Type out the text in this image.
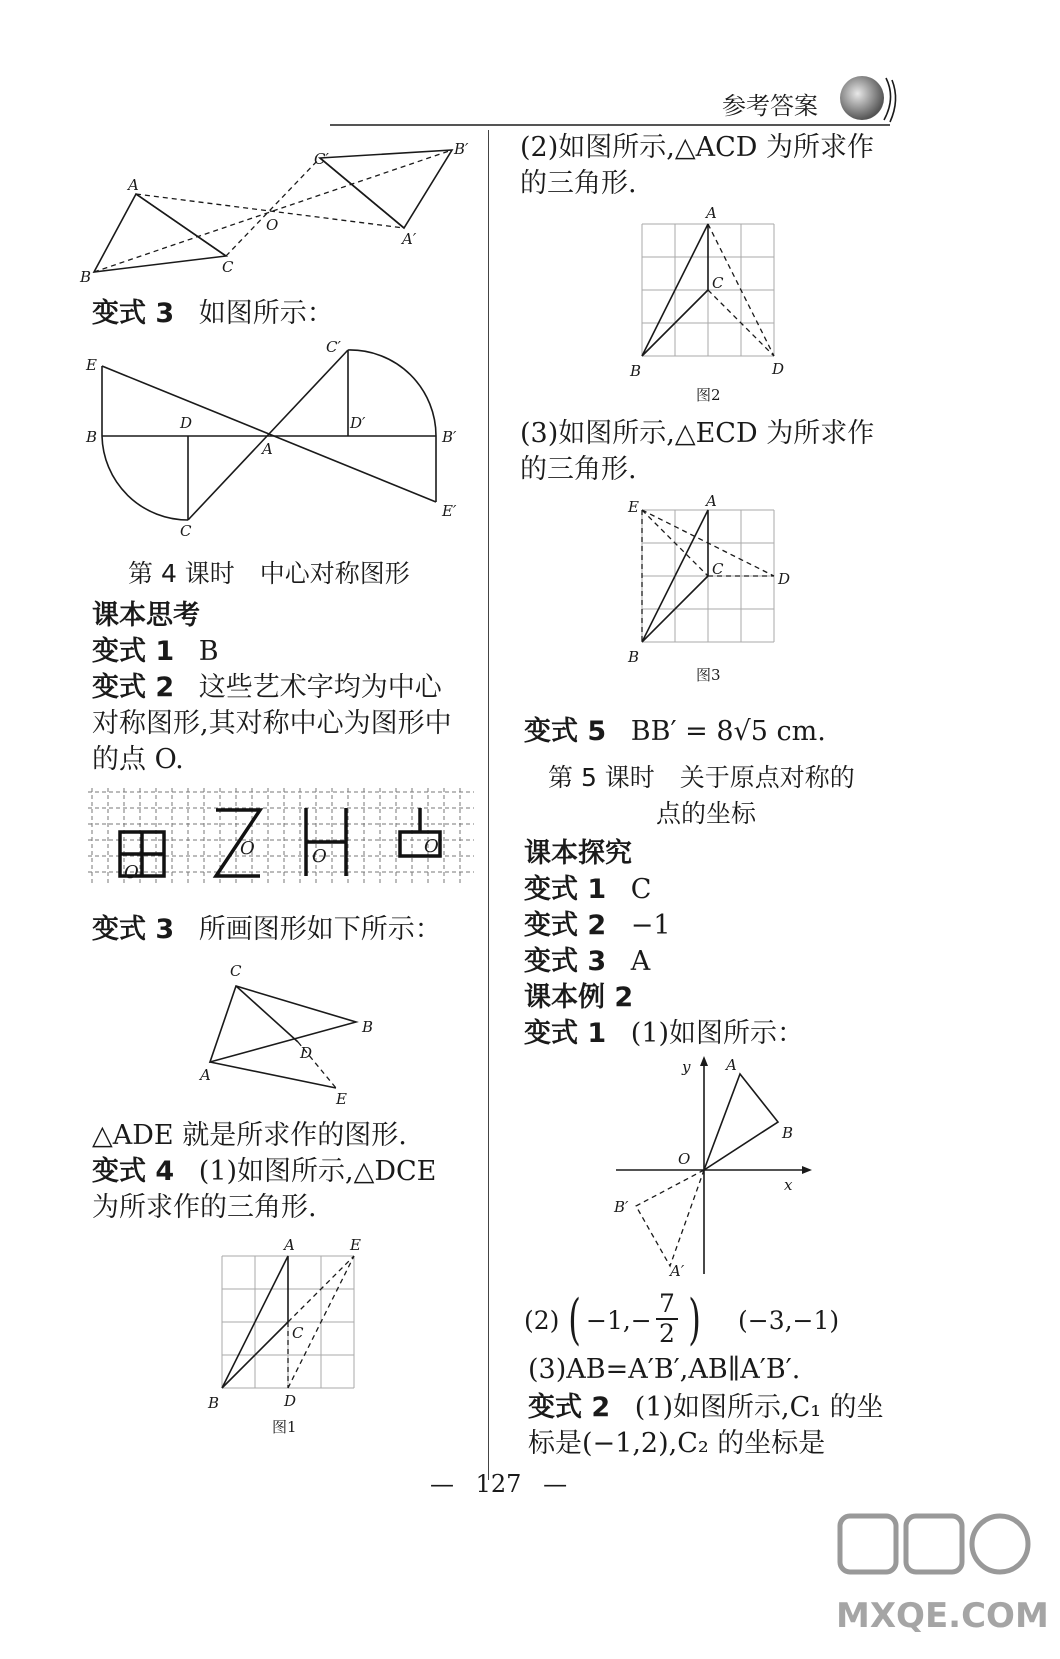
参考答案
A
B
C
C′
B′
A′
O
变式 3 如图所示：
E
B
D
A
C
C′
D′
B′
E′
第 4 课时　中心对称图形
课本思考
变式 1 B
变式 2 这些艺术字均为中心
对称图形,其对称中心为图形中
的点 O.
O
O	O	O
变式 3 所画图形如下所示：
C
B
D
A
E
△ADE 就是所求作的图形.
变式 4 (1)如图所示,△DCE
为所求作的三角形.
A	E
C
B	D
图1
(2)如图所示,△ACD 为所求作
的三角形.
A
C
B	D
图2
(3)如图所示,△ECD 为所求作
的三角形.
E	A
C
D
B
图3
变式 5 BB′ = 8√5 cm.
第 5 课时　关于原点对称的
点的坐标
课本探究
变式 1 C
变式 2 −1
变式 3 A
课本例 2
变式 1 (1)如图所示：
y A
B
O
x
B′
A′
(2) ( −1,−
7
2 ) (−3,−1)
(3)AB=A′B′,AB∥A′B′.
变式 2 (1)如图所示,C₁ 的坐
标是(−1,2),C₂ 的坐标是
— 127 —
MXQE.COM
